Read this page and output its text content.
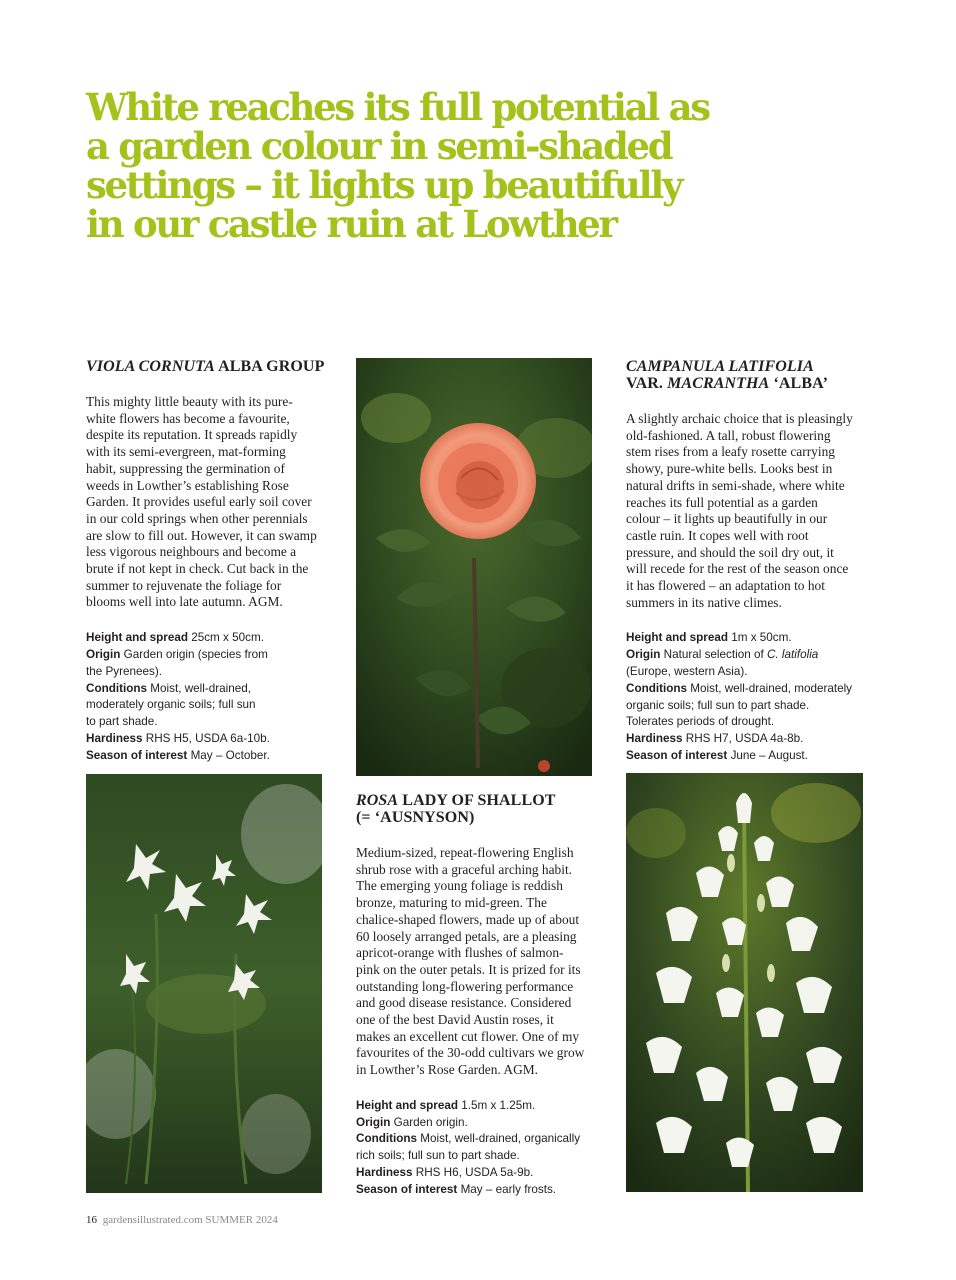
White reaches its full potential as
a garden colour in semi-shaded
settings – it lights up beautifully
in our castle ruin at Lowther
VIOLA CORNUTA ALBA GROUP
This mighty little beauty with its pure-
white flowers has become a favourite,
despite its reputation. It spreads rapidly
with its semi-evergreen, mat-forming
habit, suppressing the germination of
weeds in Lowther’s establishing Rose
Garden. It provides useful early soil cover
in our cold springs when other perennials
are slow to fill out. However, it can swamp
less vigorous neighbours and become a
brute if not kept in check. Cut back in the
summer to rejuvenate the foliage for
blooms well into late autumn. AGM.
Height and spread 25cm x 50cm.
Origin Garden origin (species from
the Pyrenees).
Conditions Moist, well-drained,
moderately organic soils; full sun
to part shade.
Hardiness RHS H5, USDA 6a-10b.
Season of interest May – October.
ROSA LADY OF SHALLOT
(= ‘AUSNYSON)
Medium-sized, repeat-flowering English
shrub rose with a graceful arching habit.
The emerging young foliage is reddish
bronze, maturing to mid-green. The
chalice-shaped flowers, made up of about
60 loosely arranged petals, are a pleasing
apricot-orange with flushes of salmon-
pink on the outer petals. It is prized for its
outstanding long-flowering performance
and good disease resistance. Considered
one of the best David Austin roses, it
makes an excellent cut flower. One of my
favourites of the 30-odd cultivars we grow
in Lowther’s Rose Garden. AGM.
Height and spread 1.5m x 1.25m.
Origin Garden origin.
Conditions Moist, well-drained, organically
rich soils; full sun to part shade.
Hardiness RHS H6, USDA 5a-9b.
Season of interest May – early frosts.
CAMPANULA LATIFOLIA
VAR. MACRANTHA ‘ALBA’
A slightly archaic choice that is pleasingly
old-fashioned. A tall, robust flowering
stem rises from a leafy rosette carrying
showy, pure-white bells. Looks best in
natural drifts in semi-shade, where white
reaches its full potential as a garden
colour – it lights up beautifully in our
castle ruin. It copes well with root
pressure, and should the soil dry out, it
will recede for the rest of the season once
it has flowered – an adaptation to hot
summers in its native climes.
Height and spread 1m x 50cm.
Origin Natural selection of C. latifolia
(Europe, western Asia).
Conditions Moist, well-drained, moderately
organic soils; full sun to part shade.
Tolerates periods of drought.
Hardiness RHS H7, USDA 4a-8b.
Season of interest June – August.
16 gardensillustrated.com SUMMER 2024
